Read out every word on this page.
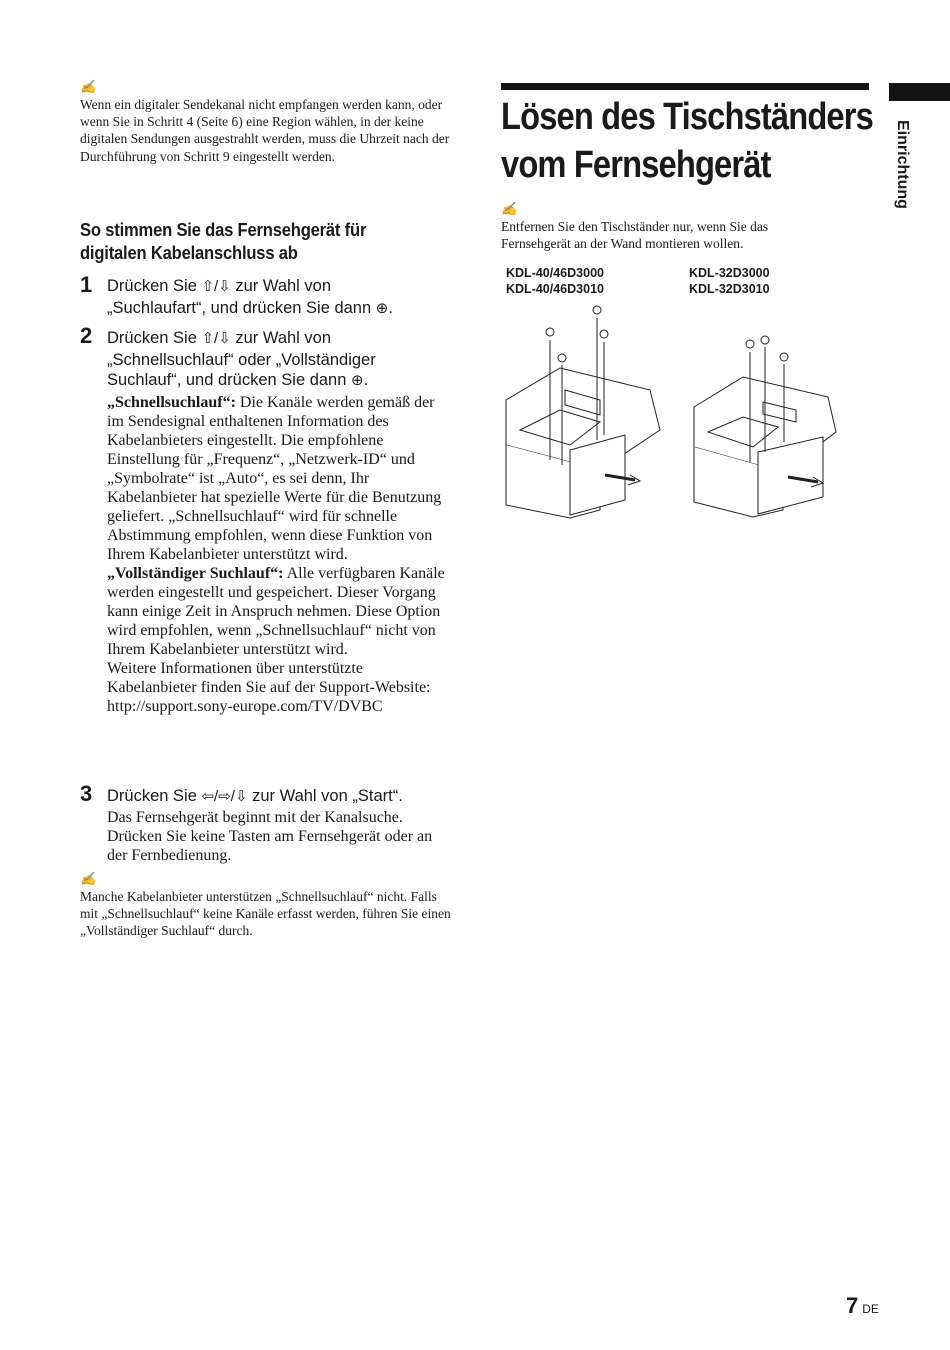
✍
Wenn ein digitaler Sendekanal nicht empfangen werden kann, oder wenn Sie in Schritt 4 (Seite 6) eine Region wählen, in der keine digitalen Sendungen ausgestrahlt werden, muss die Uhrzeit nach der Durchführung von Schritt 9 eingestellt werden.
So stimmen Sie das Fernsehgerät für
digitalen Kabelanschluss ab
1 Drücken Sie ⇧/⇩ zur Wahl von
„Suchlaufart“, und drücken Sie dann ⊕.
2 Drücken Sie ⇧/⇩ zur Wahl von
„Schnellsuchlauf“ oder „Vollständiger
Suchlauf“, und drücken Sie dann ⊕.
„Schnellsuchlauf“: Die Kanäle werden gemäß der im Sendesignal enthaltenen Information des Kabelanbieters eingestellt. Die empfohlene Einstellung für „Frequenz“, „Netzwerk-ID“ und „Symbolrate“ ist „Auto“, es sei denn, Ihr Kabelanbieter hat spezielle Werte für die Benutzung geliefert. „Schnellsuchlauf“ wird für schnelle Abstimmung empfohlen, wenn diese Funktion von Ihrem Kabelanbieter unterstützt wird.
„Vollständiger Suchlauf“: Alle verfügbaren Kanäle werden eingestellt und gespeichert. Dieser Vorgang kann einige Zeit in Anspruch nehmen. Diese Option wird empfohlen, wenn „Schnellsuchlauf“ nicht von Ihrem Kabelanbieter unterstützt wird.
Weitere Informationen über unterstützte Kabelanbieter finden Sie auf der Support-Website:
http://support.sony-europe.com/TV/DVBC
3 Drücken Sie ⇦/⇨/⇩ zur Wahl von „Start“.
Das Fernsehgerät beginnt mit der Kanalsuche. Drücken Sie keine Tasten am Fernsehgerät oder an der Fernbedienung.
✍
Manche Kabelanbieter unterstützen „Schnellsuchlauf“ nicht. Falls mit „Schnellsuchlauf“ keine Kanäle erfasst werden, führen Sie einen „Vollständiger Suchlauf“ durch.
Lösen des Tischständers
vom Fernsehgerät
✍
Entfernen Sie den Tischständer nur, wenn Sie das Fernsehgerät an der Wand montieren wollen.
KDL-40/46D3000
KDL-40/46D3010
KDL-32D3000
KDL-32D3010
Einrichtung
7 DE
